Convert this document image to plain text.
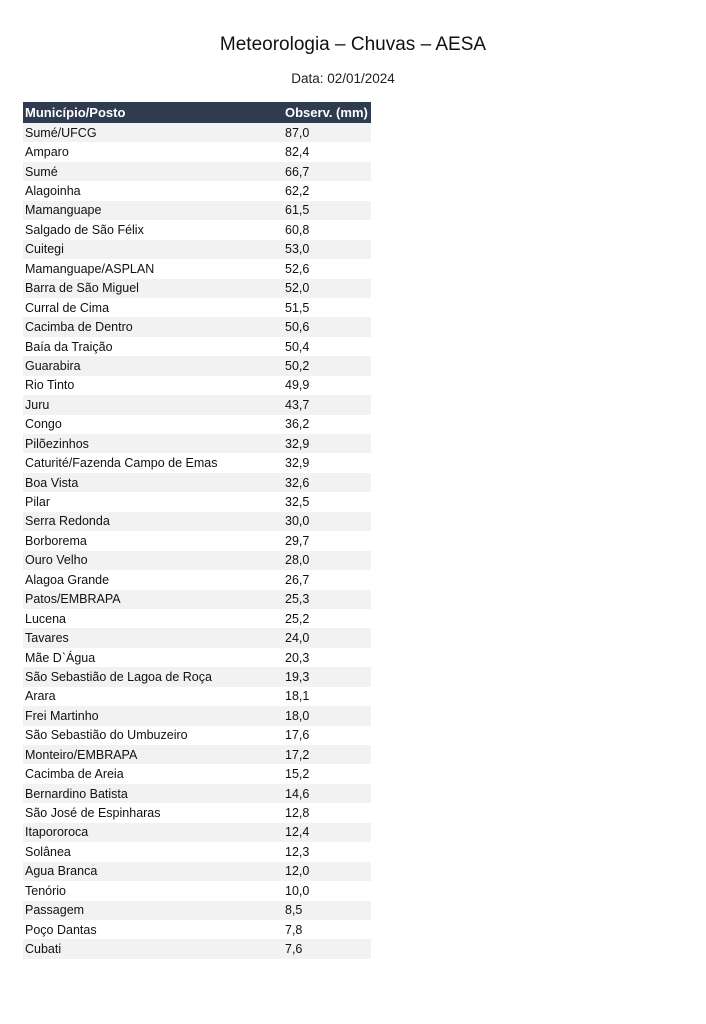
Meteorologia – Chuvas – AESA
Data: 02/01/2024
Município/Posto	Observ. (mm)
Sumé/UFCG	87,0
Amparo	82,4
Sumé	66,7
Alagoinha	62,2
Mamanguape	61,5
Salgado de São Félix	60,8
Cuitegi	53,0
Mamanguape/ASPLAN	52,6
Barra de São Miguel	52,0
Curral de Cima	51,5
Cacimba de Dentro	50,6
Baía da Traição	50,4
Guarabira	50,2
Rio Tinto	49,9
Juru	43,7
Congo	36,2
Pilõezinhos	32,9
Caturité/Fazenda Campo de Emas	32,9
Boa Vista	32,6
Pilar	32,5
Serra Redonda	30,0
Borborema	29,7
Ouro Velho	28,0
Alagoa Grande	26,7
Patos/EMBRAPA	25,3
Lucena	25,2
Tavares	24,0
Mãe D`Água	20,3
São Sebastião de Lagoa de Roça	19,3
Arara	18,1
Frei Martinho	18,0
São Sebastião do Umbuzeiro	17,6
Monteiro/EMBRAPA	17,2
Cacimba de Areia	15,2
Bernardino Batista	14,6
São José de Espinharas	12,8
Itapororoca	12,4
Solânea	12,3
Agua Branca	12,0
Tenório	10,0
Passagem	8,5
Poço Dantas	7,8
Cubati	7,6
